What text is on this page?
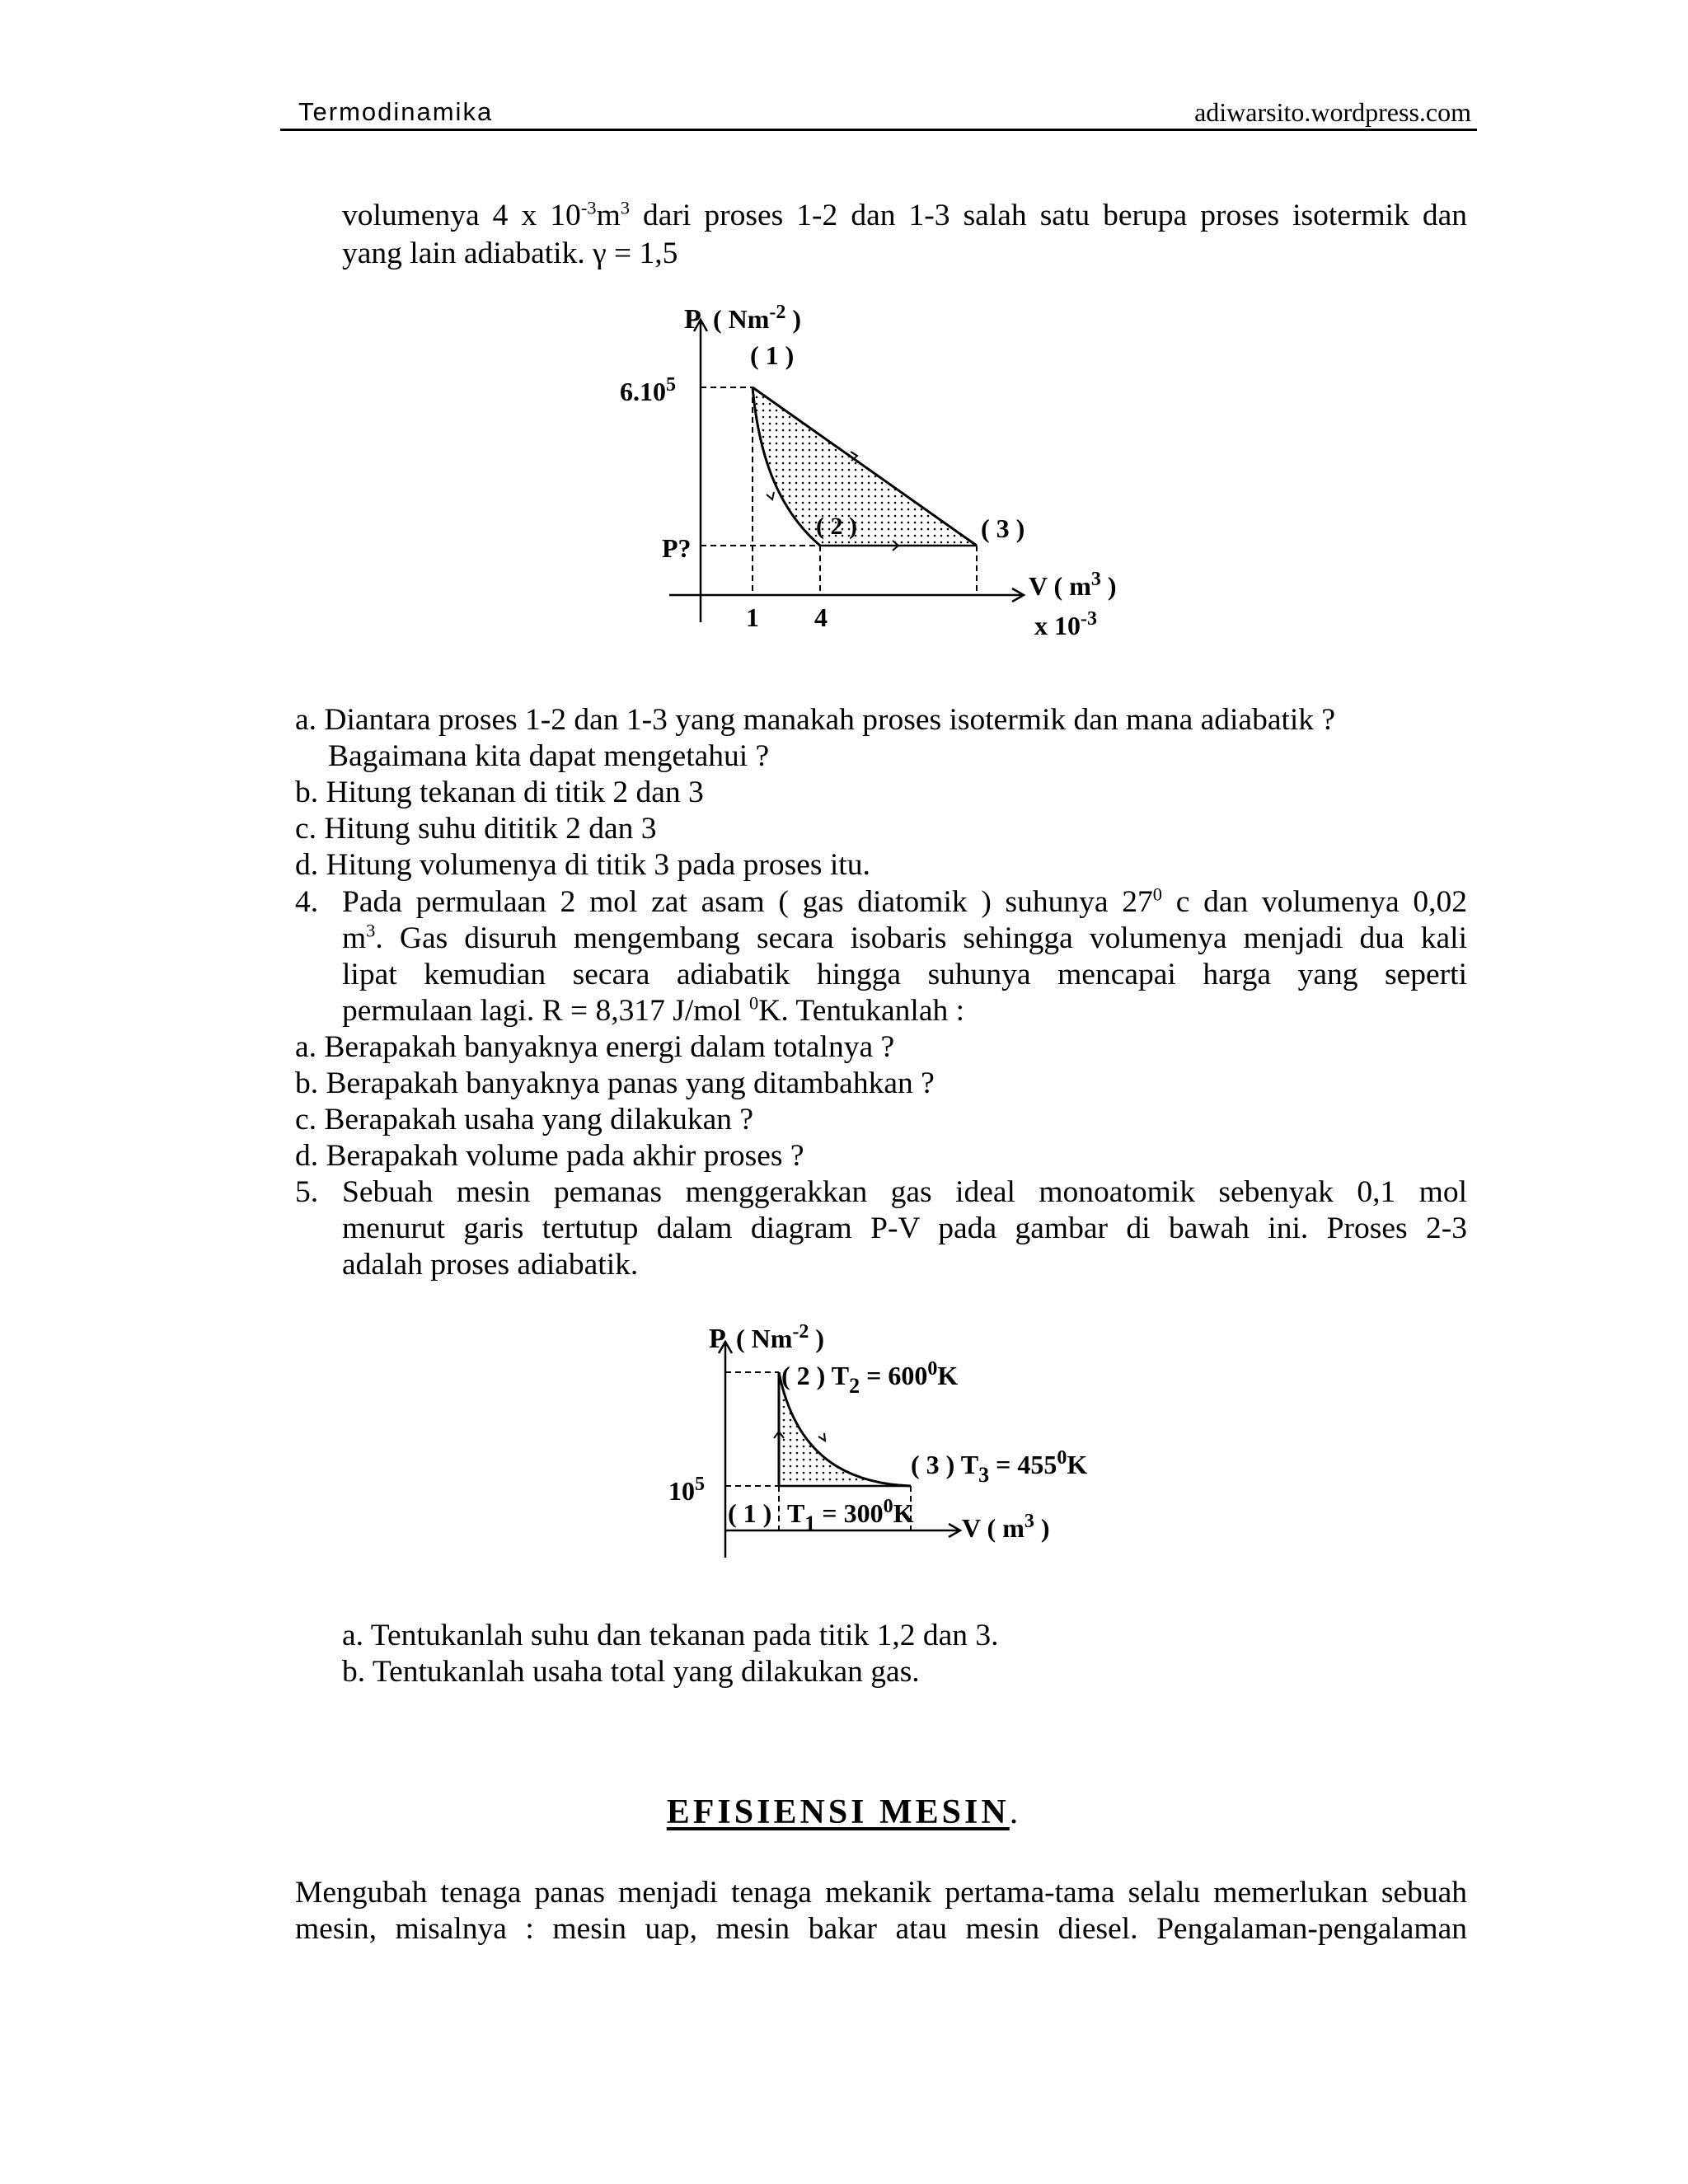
Termodinamika	adiwarsito.wordpress.com
volumenya 4 x $10^{-3}m^3$ dari proses 1-2 dan 1-3 salah satu berupa proses isotermik dan
yang lain adiabatik. γ = 1,5
P ( $Nm^{-2}$ )
( 1 )
6.10$^5$
( 2 )	( 3 )
P?
1 4
V ( $m^3$ )
x $10^{-3}$
a. Diantara proses 1-2 dan 1-3 yang manakah proses isotermik dan mana adiabatik ?
Bagaimana kita dapat mengetahui ?
b. Hitung tekanan di titik 2 dan 3
c. Hitung suhu dititik 2 dan 3
d. Hitung volumenya di titik 3 pada proses itu.
4. Pada permulaan 2 mol zat asam ( gas diatomik ) suhunya $27^0$ c dan volumenya 0,02
$m^3$. Gas disuruh mengembang secara isobaris sehingga volumenya menjadi dua kali
lipat kemudian secara adiabatik hingga suhunya mencapai harga yang seperti
permulaan lagi. R = 8,317 J/mol $^0$K. Tentukanlah :
a. Berapakah banyaknya energi dalam totalnya ?
b. Berapakah banyaknya panas yang ditambahkan ?
c. Berapakah usaha yang dilakukan ?
d. Berapakah volume pada akhir proses ?
5. Sebuah mesin pemanas menggerakkan gas ideal monoatomik sebenyak 0,1 mol
menurut garis tertutup dalam diagram P-V pada gambar di bawah ini. Proses 2-3
adalah proses adiabatik.
P ( $Nm^{-2}$ )
( 2 ) $T_2 = 600^0K$
( 3 ) $T_3 = 455^0K$
$10^5$
( 1 ) $T_1 = 300^0K$ V ( $m^3$ )
a. Tentukanlah suhu dan tekanan pada titik 1,2 dan 3.
b. Tentukanlah usaha total yang dilakukan gas.
EFISIENSI MESIN.
Mengubah tenaga panas menjadi tenaga mekanik pertama-tama selalu memerlukan sebuah
mesin, misalnya : mesin uap, mesin bakar atau mesin diesel. Pengalaman-pengalaman
